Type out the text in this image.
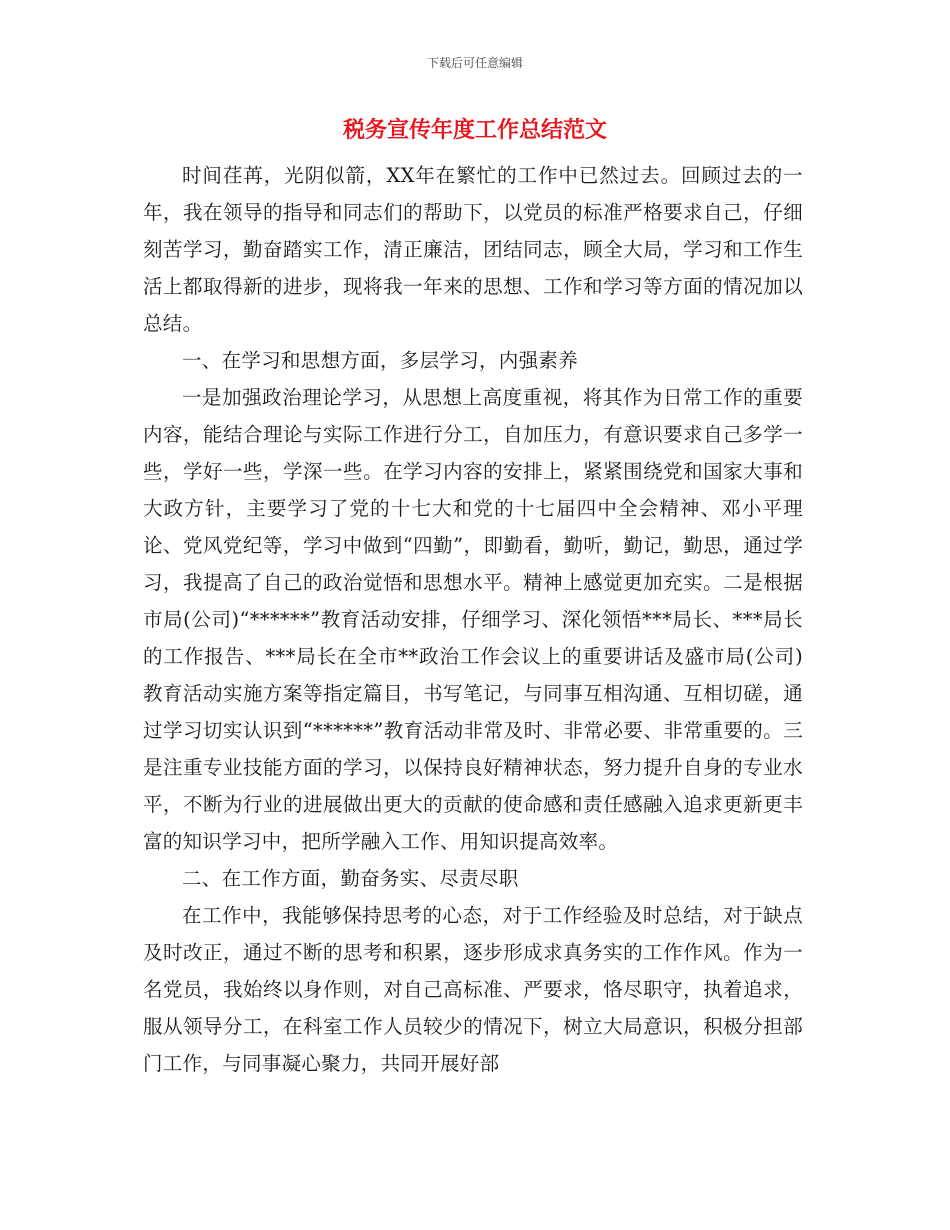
下载后可任意编辑
税务宣传年度工作总结范文

时间荏苒，光阴似箭，XX年在繁忙的工作中已然过去。回顾过去的一年，我在领导的指导和同志们的帮助下，以党员的标准严格要求自己，仔细刻苦学习，勤奋踏实工作，清正廉洁，团结同志，顾全大局，学习和工作生活上都取得新的进步，现将我一年来的思想、工作和学习等方面的情况加以总结。

一、在学习和思想方面，多层学习，内强素养

一是加强政治理论学习，从思想上高度重视，将其作为日常工作的重要内容，能结合理论与实际工作进行分工，自加压力，有意识要求自己多学一些，学好一些，学深一些。在学习内容的安排上，紧紧围绕党和国家大事和大政方针，主要学习了党的十七大和党的十七届四中全会精神、邓小平理论、党风党纪等，学习中做到“四勤”，即勤看，勤听，勤记，勤思，通过学习，我提高了自己的政治觉悟和思想水平。精神上感觉更加充实。二是根据市局(公司)“******”教育活动安排，仔细学习、深化领悟***局长、***局长的工作报告、***局长在全市**政治工作会议上的重要讲话及盛市局(公司)教育活动实施方案等指定篇目，书写笔记，与同事互相沟通、互相切磋，通过学习切实认识到“******”教育活动非常及时、非常必要、非常重要的。三是注重专业技能方面的学习，以保持良好精神状态，努力提升自身的专业水平，不断为行业的进展做出更大的贡献的使命感和责任感融入追求更新更丰富的知识学习中，把所学融入工作、用知识提高效率。

二、在工作方面，勤奋务实、尽责尽职

在工作中，我能够保持思考的心态，对于工作经验及时总结，对于缺点及时改正，通过不断的思考和积累，逐步形成求真务实的工作作风。作为一名党员，我始终以身作则，对自己高标准、严要求，恪尽职守，执着追求，服从领导分工，在科室工作人员较少的情况下，树立大局意识，积极分担部门工作，与同事凝心聚力，共同开展好部
